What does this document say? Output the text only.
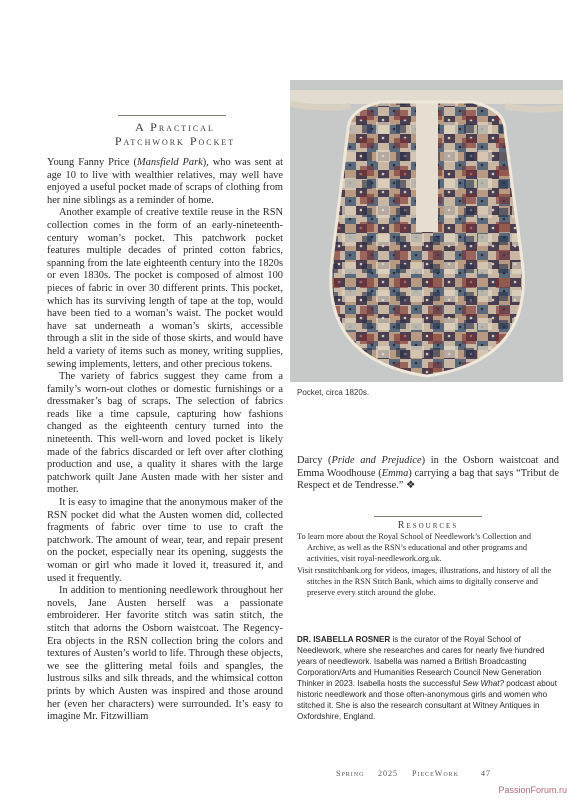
A Practical
Patchwork Pocket

Young Fanny Price (Mansfield Park), who was sent at age 10 to live with wealthier relatives, may well have enjoyed a useful pocket made of scraps of clothing from her nine siblings as a reminder of home.

Another example of creative textile reuse in the RSN collection comes in the form of an early-nineteenth-century woman’s pocket. This patchwork pocket features multiple decades of printed cotton fabrics, spanning from the late eighteenth century into the 1820s or even 1830s. The pocket is composed of almost 100 pieces of fabric in over 30 different prints. This pocket, which has its surviving length of tape at the top, would have been tied to a woman’s waist. The pocket would have sat underneath a woman’s skirts, accessible through a slit in the side of those skirts, and would have held a variety of items such as money, writing supplies, sewing implements, letters, and other precious tokens.

The variety of fabrics suggest they came from a family’s worn-out clothes or domestic furnishings or a dressmaker’s bag of scraps. The selection of fabrics reads like a time capsule, capturing how fashions changed as the eighteenth century turned into the nineteenth. This well-worn and loved pocket is likely made of the fabrics discarded or left over after clothing production and use, a quality it shares with the large patchwork quilt Jane Austen made with her sister and mother.

It is easy to imagine that the anonymous maker of the RSN pocket did what the Austen women did, collected fragments of fabric over time to use to craft the patchwork. The amount of wear, tear, and repair present on the pocket, especially near its opening, suggests the woman or girl who made it loved it, treasured it, and used it frequently.

In addition to mentioning needlework throughout her novels, Jane Austen herself was a passionate embroiderer. Her favorite stitch was satin stitch, the stitch that adorns the Osborn waistcoat. The Regency-Era objects in the RSN collection bring the colors and textures of Austen’s world to life. Through these objects, we see the glittering metal foils and spangles, the lustrous silks and silk threads, and the whimsical cotton prints by which Austen was inspired and those around her (even her characters) were surrounded. It’s easy to imagine Mr. Fitzwilliam

Pocket, circa 1820s.

Darcy (Pride and Prejudice) in the Osborn waistcoat and Emma Woodhouse (Emma) carrying a bag that says “Tribut de Respect et de Tendresse.” ❖

Resources

To learn more about the Royal School of Needlework’s Collection and Archive, as well as the RSN’s educational and other programs and activities, visit royal-needlework.org.uk.

Visit rsnstitchbank.org for videos, images, illustrations, and history of all the stitches in the RSN Stitch Bank, which aims to digitally conserve and preserve every stitch around the globe.

DR. ISABELLA ROSNER is the curator of the Royal School of Needlework, where she researches and cares for nearly five hundred years of needlework. Isabella was named a British Broadcasting Corporation/Arts and Humanities Research Council New Generation Thinker in 2023. Isabella hosts the successful Sew What? podcast about historic needlework and those often-anonymous girls and women who stitched it. She is also the research consultant at Witney Antiques in Oxfordshire, England.
Spring 2025 PieceWork	47
PassionForum.ru
